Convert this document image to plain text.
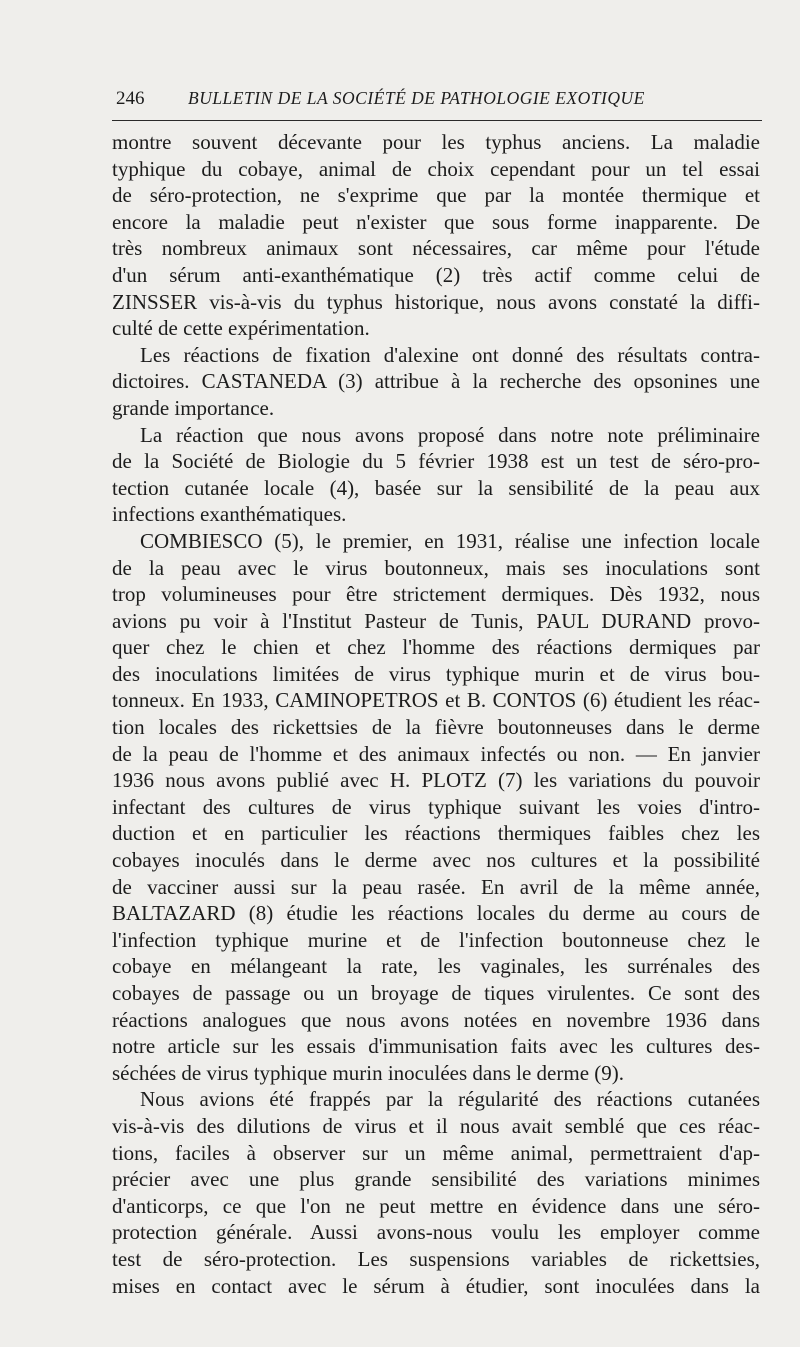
246 BULLETIN DE LA SOCIÉTÉ DE PATHOLOGIE EXOTIQUE
montre souvent décevante pour les typhus anciens. La maladie
typhique du cobaye, animal de choix cependant pour un tel essai
de séro-protection, ne s'exprime que par la montée thermique et
encore la maladie peut n'exister que sous forme inapparente. De
très nombreux animaux sont nécessaires, car même pour l'étude
d'un sérum anti-exanthématique (2) très actif comme celui de
ZINSSER vis-à-vis du typhus historique, nous avons constaté la diffi-
culté de cette expérimentation.
Les réactions de fixation d'alexine ont donné des résultats contra-
dictoires. CASTANEDA (3) attribue à la recherche des opsonines une
grande importance.
La réaction que nous avons proposé dans notre note préliminaire
de la Société de Biologie du 5 février 1938 est un test de séro-pro-
tection cutanée locale (4), basée sur la sensibilité de la peau aux
infections exanthématiques.
COMBIESCO (5), le premier, en 1931, réalise une infection locale
de la peau avec le virus boutonneux, mais ses inoculations sont
trop volumineuses pour être strictement dermiques. Dès 1932, nous
avions pu voir à l'Institut Pasteur de Tunis, PAUL DURAND provo-
quer chez le chien et chez l'homme des réactions dermiques par
des inoculations limitées de virus typhique murin et de virus bou-
tonneux. En 1933, CAMINOPETROS et B. CONTOS (6) étudient les réac-
tion locales des rickettsies de la fièvre boutonneuses dans le derme
de la peau de l'homme et des animaux infectés ou non. — En janvier
1936 nous avons publié avec H. PLOTZ (7) les variations du pouvoir
infectant des cultures de virus typhique suivant les voies d'intro-
duction et en particulier les réactions thermiques faibles chez les
cobayes inoculés dans le derme avec nos cultures et la possibilité
de vacciner aussi sur la peau rasée. En avril de la même année,
BALTAZARD (8) étudie les réactions locales du derme au cours de
l'infection typhique murine et de l'infection boutonneuse chez le
cobaye en mélangeant la rate, les vaginales, les surrénales des
cobayes de passage ou un broyage de tiques virulentes. Ce sont des
réactions analogues que nous avons notées en novembre 1936 dans
notre article sur les essais d'immunisation faits avec les cultures des-
séchées de virus typhique murin inoculées dans le derme (9).
Nous avions été frappés par la régularité des réactions cutanées
vis-à-vis des dilutions de virus et il nous avait semblé que ces réac-
tions, faciles à observer sur un même animal, permettraient d'ap-
précier avec une plus grande sensibilité des variations minimes
d'anticorps, ce que l'on ne peut mettre en évidence dans une séro-
protection générale. Aussi avons-nous voulu les employer comme
test de séro-protection. Les suspensions variables de rickettsies,
mises en contact avec le sérum à étudier, sont inoculées dans la
